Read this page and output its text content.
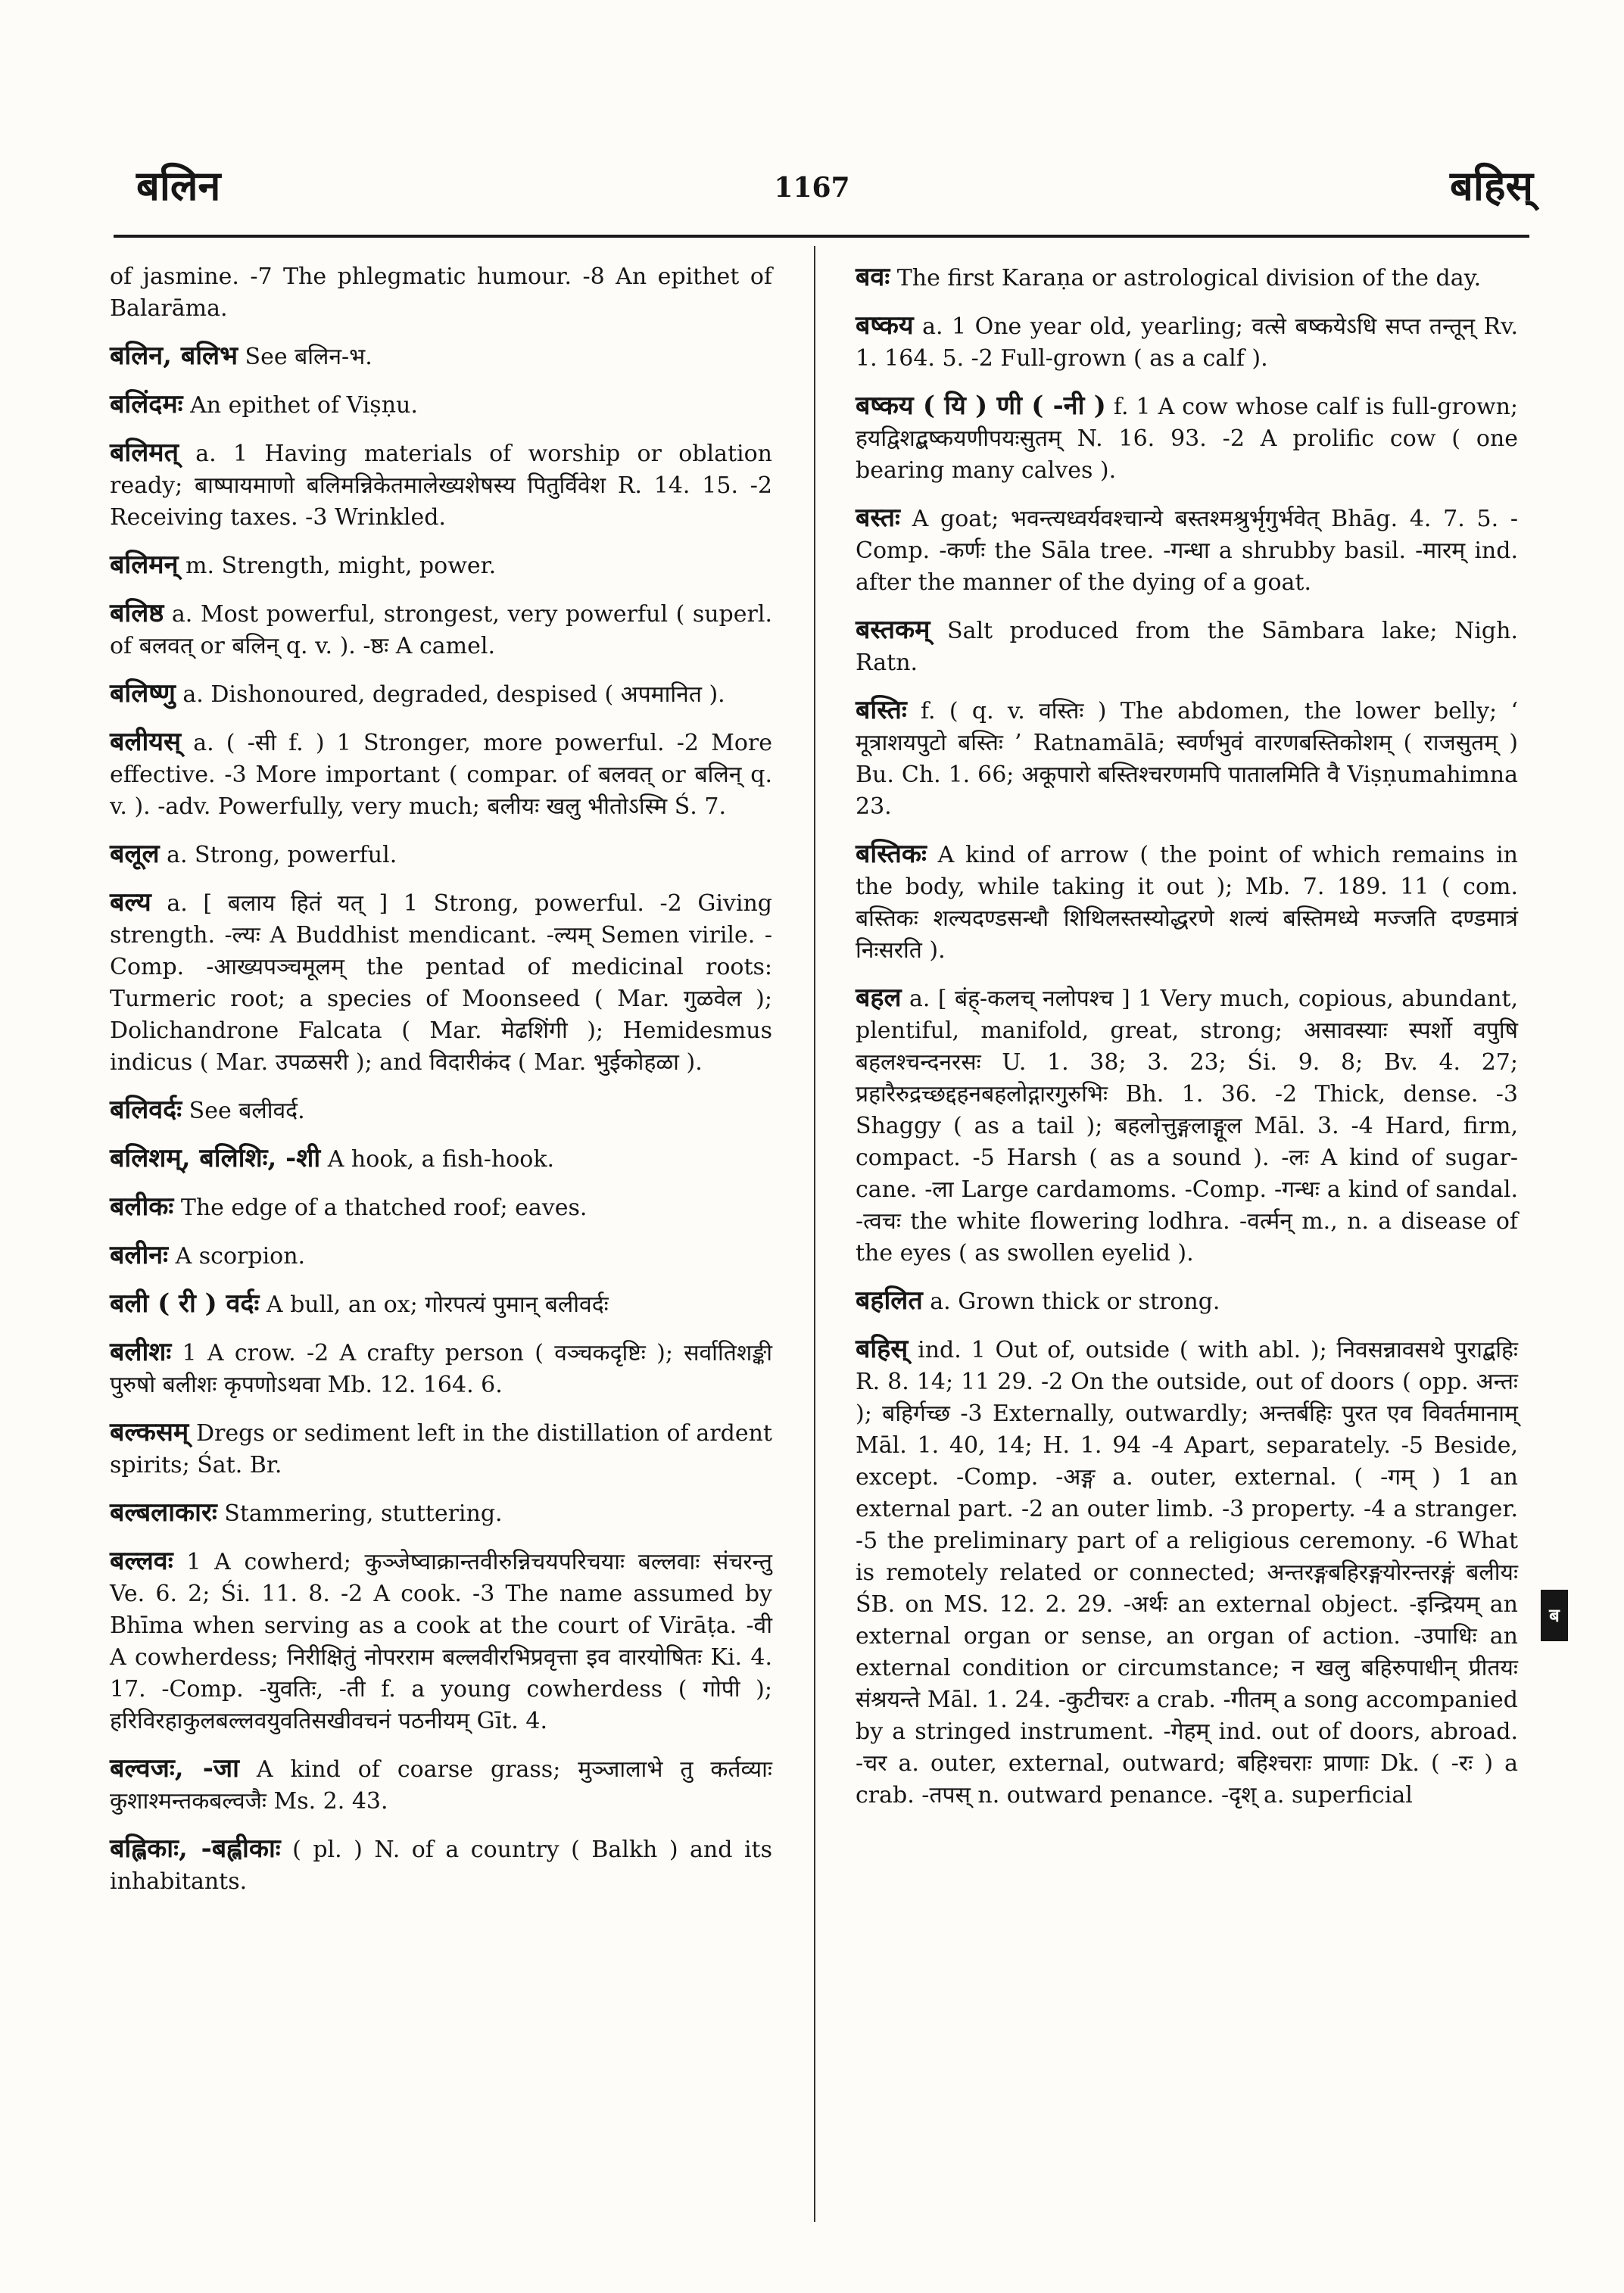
बलिन	1167	बहिस्

of jasmine. -7 The phlegmatic humour. -8 An epithet of Balarāma.

बलिन, बलिभ See बलिन-भ.

बलिंदमः An epithet of Viṣṇu.

बलिमत् a. 1 Having materials of worship or oblation ready; बाष्पायमाणो बलिमन्निकेतमालेख्यशेषस्य पितुर्विवेश R. 14. 15. -2 Receiving taxes. -3 Wrinkled.

बलिमन् m. Strength, might, power.

बलिष्ठ a. Most powerful, strongest, very powerful ( superl. of बलवत् or बलिन् q. v. ). -ष्ठः A camel.

बलिष्णु a. Dishonoured, degraded, despised ( अपमानित ).

बलीयस् a. ( -सी f. ) 1 Stronger, more powerful. -2 More effective. -3 More important ( compar. of बलवत् or बलिन् q. v. ). -adv. Powerfully, very much; बलीयः खलु भीतोऽस्मि Ś. 7.

बलूल a. Strong, powerful.

बल्य a. [ बलाय हितं यत् ] 1 Strong, powerful. -2 Giving strength. -ल्यः A Buddhist mendicant. -ल्यम् Semen virile. -Comp. -आख्यपञ्चमूलम् the pentad of medicinal roots: Turmeric root; a species of Moonseed ( Mar. गुळवेल ); Dolichandrone Falcata ( Mar. मेढशिंगी ); Hemidesmus indicus ( Mar. उपळसरी ); and विदारीकंद ( Mar. भुईकोहळा ).

बलिवर्दः See बलीवर्द.

बलिशम्, बलिशिः, -शी A hook, a fish-hook.

बलीकः The edge of a thatched roof; eaves.

बलीनः A scorpion.

बली ( री ) वर्दः A bull, an ox; गोरपत्यं पुमान् बलीवर्दः

बलीशः 1 A crow. -2 A crafty person ( वञ्चकदृष्टिः ); सर्वातिशङ्की पुरुषो बलीशः कृपणोऽथवा Mb. 12. 164. 6.

बल्कसम् Dregs or sediment left in the distillation of ardent spirits; Śat. Br.

बल्बलाकारः Stammering, stuttering.

बल्लवः 1 A cowherd; कुञ्जेष्वाक्रान्तवीरुन्निचयपरिचयाः बल्लवाः संचरन्तु Ve. 6. 2; Śi. 11. 8. -2 A cook. -3 The name assumed by Bhīma when serving as a cook at the court of Virāṭa. -वी A cowherdess; निरीक्षितुं नोपरराम बल्लवीरभिप्रवृत्ता इव वारयोषितः Ki. 4. 17. -Comp. -युवतिः, -ती f. a young cowherdess ( गोपी ); हरिविरहाकुलबल्लवयुवतिसखीवचनं पठनीयम् Gīt. 4.

बल्वजः, -जा A kind of coarse grass; मुञ्जालाभे तु कर्तव्याः कुशाश्मन्तकबल्वजैः Ms. 2. 43.

बह्लिकाः, -बह्लीकाः ( pl. ) N. of a country ( Balkh ) and its inhabitants.

बवः The first Karaṇa or astrological division of the day.

बष्कय a. 1 One year old, yearling; वत्से बष्कयेऽधि सप्त तन्तून् Rv. 1. 164. 5. -2 Full-grown ( as a calf ).

बष्कय ( यि ) णी ( -नी ) f. 1 A cow whose calf is full-grown; हयद्विशद्बष्कयणीपयःसुतम् N. 16. 93. -2 A prolific cow ( one bearing many calves ).

बस्तः A goat; भवन्त्यध्वर्यवश्चान्ये बस्तश्मश्रुर्भृगुर्भवेत् Bhāg. 4. 7. 5. -Comp. -कर्णः the Sāla tree. -गन्धा a shrubby basil. -मारम् ind. after the manner of the dying of a goat.

बस्तकम् Salt produced from the Sāmbara lake; Nigh. Ratn.

बस्तिः f. ( q. v. वस्तिः ) The abdomen, the lower belly; ‘ मूत्राशयपुटो बस्तिः ’ Ratnamālā; स्वर्णभुवं वारणबस्तिकोशम् ( राजसुतम् ) Bu. Ch. 1. 66; अकूपारो बस्तिश्चरणमपि पातालमिति वै Viṣṇumahimna 23.

बस्तिकः A kind of arrow ( the point of which remains in the body, while taking it out ); Mb. 7. 189. 11 ( com. बस्तिकः शल्यदण्डसन्धौ शिथिलस्तस्योद्धरणे शल्यं बस्तिमध्ये मज्जति दण्डमात्रं निःसरति ).

बहल a. [ बंह्-कलच् नलोपश्च ] 1 Very much, copious, abundant, plentiful, manifold, great, strong; असावस्याः स्पर्शो वपुषि बहलश्चन्दनरसः U. 1. 38; 3. 23; Śi. 9. 8; Bv. 4. 27; प्रहारैरुद्रच्छद्दहनबहलोद्गारगुरुभिः Bh. 1. 36. -2 Thick, dense. -3 Shaggy ( as a tail ); बहलोत्तुङ्गलाङ्गूल Māl. 3. -4 Hard, firm, compact. -5 Harsh ( as a sound ). -लः A kind of sugar-cane. -ला Large cardamoms. -Comp. -गन्धः a kind of sandal. -त्वचः the white flowering lodhra. -वर्त्मन् m., n. a disease of the eyes ( as swollen eyelid ).

बहलित a. Grown thick or strong.

बहिस् ind. 1 Out of, outside ( with abl. ); निवसन्नावसथे पुराद्बहिः R. 8. 14; 11 29. -2 On the outside, out of doors ( opp. अन्तः ); बहिर्गच्छ -3 Externally, outwardly; अन्तर्बहिः पुरत एव विवर्तमानाम् Māl. 1. 40, 14; H. 1. 94 -4 Apart, separately. -5 Beside, except. -Comp. -अङ्ग a. outer, external. ( -गम् ) 1 an external part. -2 an outer limb. -3 property. -4 a stranger. -5 the preliminary part of a religious ceremony. -6 What is remotely related or connected; अन्तरङ्गबहिरङ्गयोरन्तरङ्गं बलीयः ŚB. on MS. 12. 2. 29. -अर्थः an external object. -इन्द्रियम् an external organ or sense, an organ of action. -उपाधिः an external condition or circumstance; न खलु बहिरुपाधीन् प्रीतयः संश्रयन्ते Māl. 1. 24. -कुटीचरः a crab. -गीतम् a song accompanied by a stringed instrument. -गेहम् ind. out of doors, abroad. -चर a. outer, external, outward; बहिश्चराः प्राणाः Dk. ( -रः ) a crab. -तपस् n. outward penance. -दृश् a. superficial

ब
